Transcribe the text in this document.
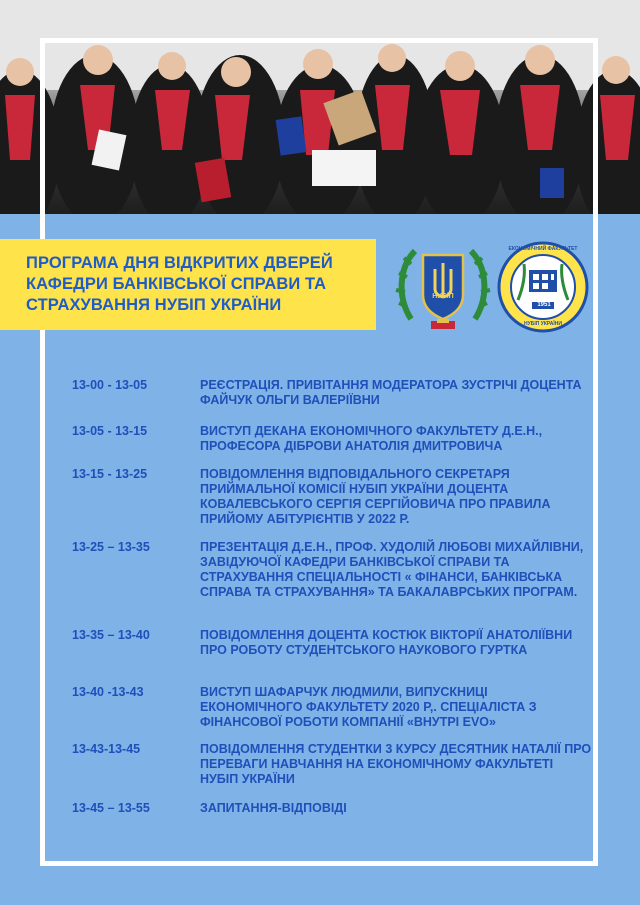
ПРОГРАМА ДНЯ ВІДКРИТИХ ДВЕРЕЙ КАФЕДРИ БАНКІВСЬКОЇ СПРАВИ ТА СТРАХУВАННЯ НУБІП УКРАЇНИ	НУБіП
1951
ЕКОНОМІЧНИЙ ФАКУЛЬТЕТ
НУБІП УКРАЇНИ
13-00 - 13-05	РЕЄСТРАЦІЯ. ПРИВІТАННЯ МОДЕРАТОРА ЗУСТРІЧІ ДОЦЕНТА ФАЙЧУК ОЛЬГИ ВАЛЕРІЇВНИ
13-05 - 13-15	ВИСТУП ДЕКАНА ЕКОНОМІЧНОГО ФАКУЛЬТЕТУ Д.Е.Н., ПРОФЕСОРА ДІБРОВИ АНАТОЛІЯ ДМИТРОВИЧА
13-15 - 13-25	ПОВІДОМЛЕННЯ ВІДПОВІДАЛЬНОГО СЕКРЕТАРЯ ПРИЙМАЛЬНОЇ КОМІСІЇ НУБІП УКРАЇНИ ДОЦЕНТА КОВАЛЕВСЬКОГО СЕРГІЯ СЕРГІЙОВИЧА ПРО ПРАВИЛА ПРИЙОМУ АБІТУРІЄНТІВ У 2022 Р.
13-25 – 13-35	ПРЕЗЕНТАЦІЯ Д.Е.Н., ПРОФ. ХУДОЛІЙ ЛЮБОВІ МИХАЙЛІВНИ, ЗАВІДУЮЧОЇ КАФЕДРИ БАНКІВСЬКОЇ СПРАВИ ТА СТРАХУВАННЯ СПЕЦІАЛЬНОСТІ « ФІНАНСИ, БАНКІВСЬКА СПРАВА ТА СТРАХУВАННЯ» ТА БАКАЛАВРСЬКИХ ПРОГРАМ.
13-35 – 13-40	ПОВІДОМЛЕННЯ ДОЦЕНТА КОСТЮК ВІКТОРІЇ АНАТОЛІЇВНИ ПРО РОБОТУ СТУДЕНТСЬКОГО НАУКОВОГО ГУРТКА
13-40 -13-43	ВИСТУП ШАФАРЧУК ЛЮДМИЛИ, ВИПУСКНИЦІ ЕКОНОМІЧНОГО ФАКУЛЬТЕТУ 2020 Р,. СПЕЦІАЛІСТА З ФІНАНСОВОЇ РОБОТИ КОМПАНІЇ «ВНУТРІ EVO»
13-43-13-45	ПОВІДОМЛЕННЯ СТУДЕНТКИ 3 КУРСУ ДЕСЯТНИК НАТАЛІЇ ПРО ПЕРЕВАГИ НАВЧАННЯ НА ЕКОНОМІЧНОМУ ФАКУЛЬТЕТІ НУБІП УКРАЇНИ
13-45 – 13-55	ЗАПИТАННЯ-ВІДПОВІДІ
